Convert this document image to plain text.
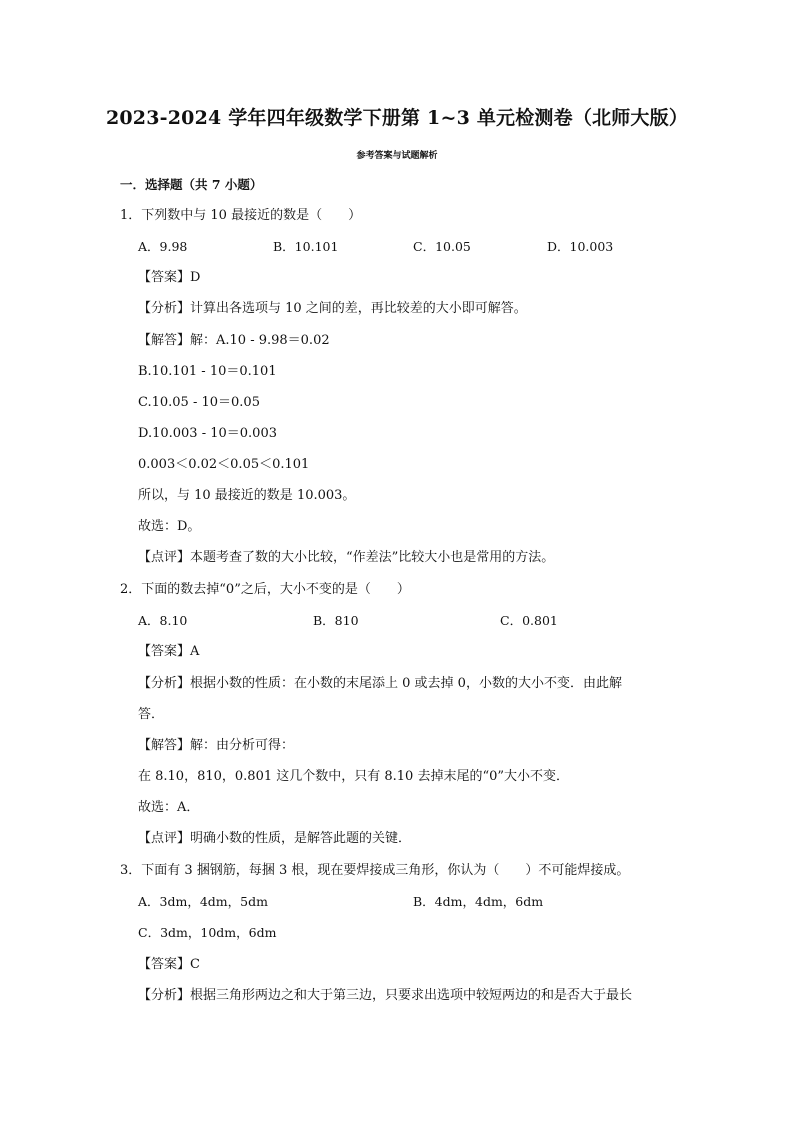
2023-2024 学年四年级数学下册第 1~3 单元检测卷（北师大版）
参考答案与试题解析
一．选择题（共 7 小题）
1．下列数中与 10 最接近的数是（　　）
A．9.98	B．10.101	C．10.05	D．10.003
【答案】D
【分析】计算出各选项与 10 之间的差，再比较差的大小即可解答。
【解答】解：A.10 - 9.98＝0.02
B.10.101 - 10＝0.101
C.10.05 - 10＝0.05
D.10.003 - 10＝0.003
0.003＜0.02＜0.05＜0.101
所以，与 10 最接近的数是 10.003。
故选：D。
【点评】本题考查了数的大小比较，“作差法”比较大小也是常用的方法。
2．下面的数去掉“0”之后，大小不变的是（　　）
A．8.10	B．810	C．0.801
【答案】A
【分析】根据小数的性质：在小数的末尾添上 0 或去掉 0，小数的大小不变．由此解
答．
【解答】解：由分析可得：
在 8.10，810，0.801 这几个数中，只有 8.10 去掉末尾的“0”大小不变．
故选：A．
【点评】明确小数的性质，是解答此题的关键．
3．下面有 3 捆钢筋，每捆 3 根，现在要焊接成三角形，你认为（　　）不可能焊接成。
A．3dm，4dm，5dm	B．4dm，4dm，6dm
C．3dm，10dm，6dm
【答案】C
【分析】根据三角形两边之和大于第三边，只要求出选项中较短两边的和是否大于最长
